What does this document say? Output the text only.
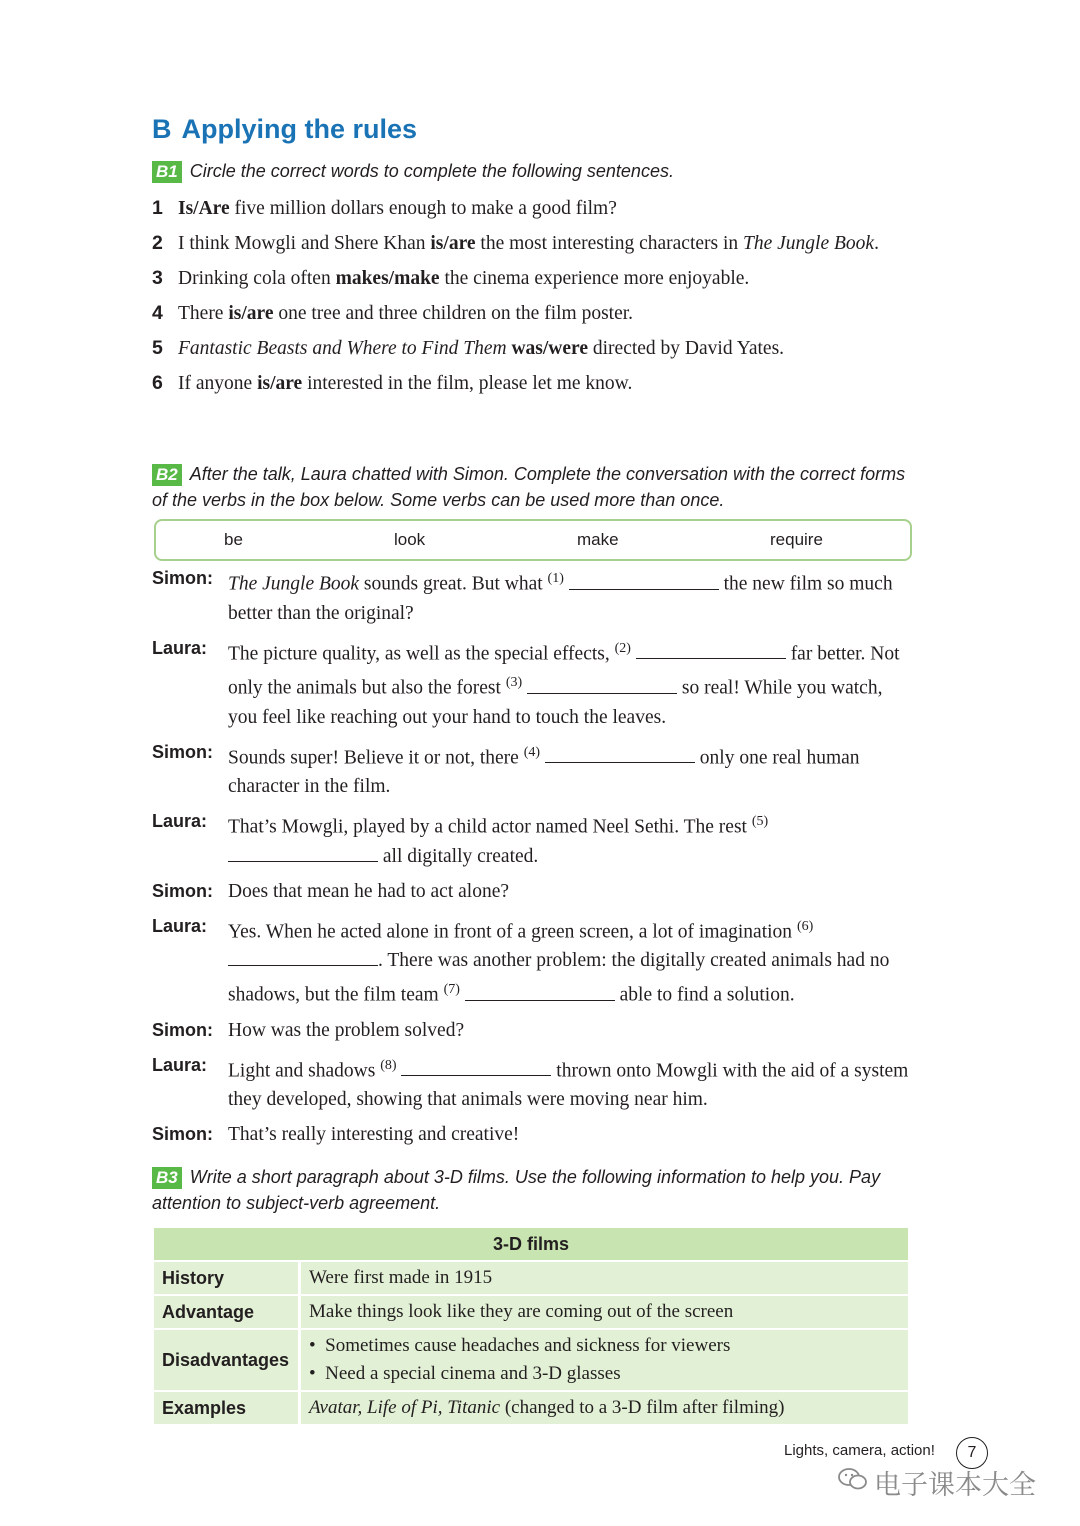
B Applying the rules
B1 Circle the correct words to complete the following sentences.
1 Is/Are five million dollars enough to make a good film?
2 I think Mowgli and Shere Khan is/are the most interesting characters in The Jungle Book.
3 Drinking cola often makes/make the cinema experience more enjoyable.
4 There is/are one tree and three children on the film poster.
5 Fantastic Beasts and Where to Find Them was/were directed by David Yates.
6 If anyone is/are interested in the film, please let me know.
B2 After the talk, Laura chatted with Simon. Complete the conversation with the correct forms of the verbs in the box below. Some verbs can be used more than once.
be	look	make	require
Simon: The Jungle Book sounds great. But what $^{(1)}$	the new film so much better than the original?
Laura:	The picture quality, as well as the special effects, $^{(2)}$	far better. Not only the animals but also the forest $^{(3)}$	so real! While you watch, you feel like reaching out your hand to touch the leaves.
Simon: Sounds super! Believe it or not, there $^{(4)}$	only one real human character in the film.
Laura:	That’s Mowgli, played by a child actor named Neel Sethi. The rest $^{(5)}$  all digitally created.
Simon: Does that mean he had to act alone?
Laura:	Yes. When he acted alone in front of a green screen, a lot of imagination $^{(6)}$ . There was another problem: the digitally created animals had no shadows, but the film team $^{(7)}$	able to find a solution.
Simon: How was the problem solved?
Laura:	Light and shadows $^{(8)}$	thrown onto Mowgli with the aid of a system they developed, showing that animals were moving near him.
Simon: That’s really interesting and creative!
B3 Write a short paragraph about 3-D films. Use the following information to help you. Pay attention to subject-verb agreement.
3-D films	
History	Were first made in 1915
Advantage	Make things look like they are coming out of the screen
Disadvantages	•  Sometimes cause headaches and sickness for viewers
•  Need a special cinema and 3-D glasses

Examples	Avatar, Life of Pi, Titanic (changed to a 3-D film after filming)
Lights, camera, action!	7
电子课本大全
